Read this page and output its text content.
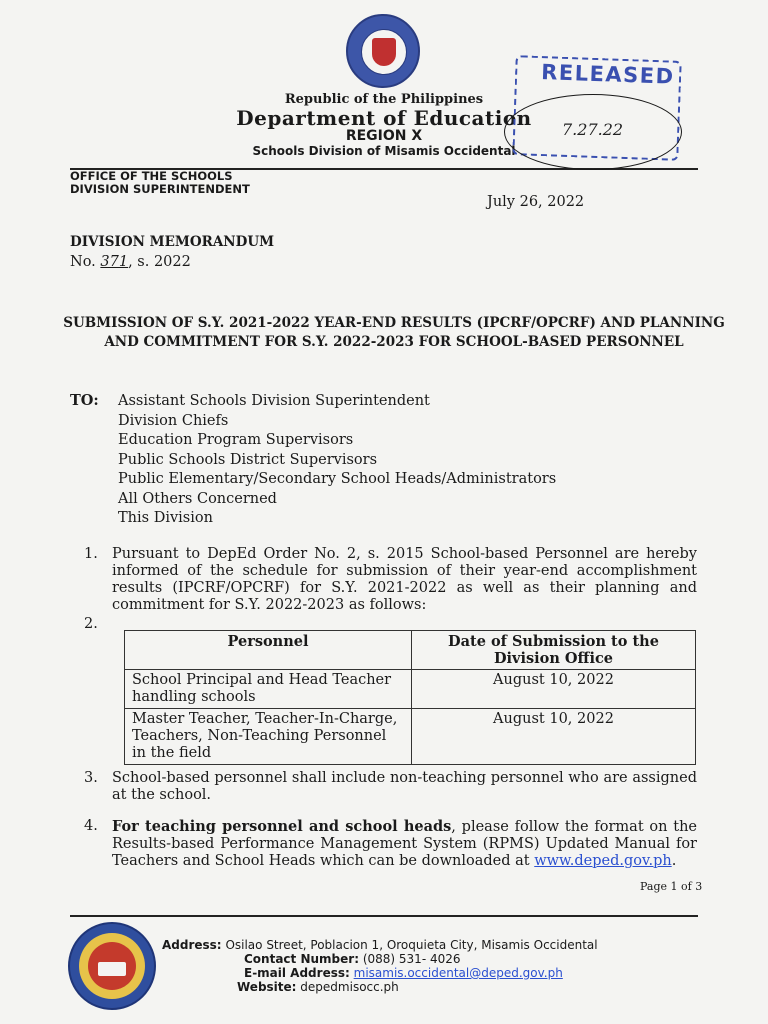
Republic of the Philippines
Department of Education
REGION X
Schools Division of Misamis Occidental
OFFICE OF THE SCHOOLS
DIVISION SUPERINTENDENT
RELEASED
7.27.22
July 26, 2022
DIVISION MEMORANDUM
No. 371, s. 2022
SUBMISSION OF S.Y. 2021-2022 YEAR-END RESULTS (IPCRF/OPCRF) AND PLANNING AND COMMITMENT FOR S.Y. 2022-2023 FOR SCHOOL-BASED PERSONNEL
TO: Assistant Schools Division Superintendent
Division Chiefs
Education Program Supervisors
Public Schools District Supervisors
Public Elementary/Secondary School Heads/Administrators
All Others Concerned
This Division
1. Pursuant to DepEd Order No. 2, s. 2015 School-based Personnel are hereby informed of the schedule for submission of their year-end accomplishment results (IPCRF/OPCRF) for S.Y. 2021-2022 as well as their planning and commitment for S.Y. 2022-2023 as follows:
2.
Personnel	Date of Submission to the Division Office
School Principal and Head Teacher handling schools	August 10, 2022
Master Teacher, Teacher-In-Charge, Teachers, Non-Teaching Personnel in the field	August 10, 2022
3. School-based personnel shall include non-teaching personnel who are assigned at the school.
4. For teaching personnel and school heads, please follow the format on the Results-based Performance Management System (RPMS) Updated Manual for Teachers and School Heads which can be downloaded at www.deped.gov.ph.
Page 1 of 3
Address: Osilao Street, Poblacion 1, Oroquieta City, Misamis Occidental
Contact Number: (088) 531- 4026
E-mail Address: misamis.occidental@deped.gov.ph
Website: depedmisocc.ph
